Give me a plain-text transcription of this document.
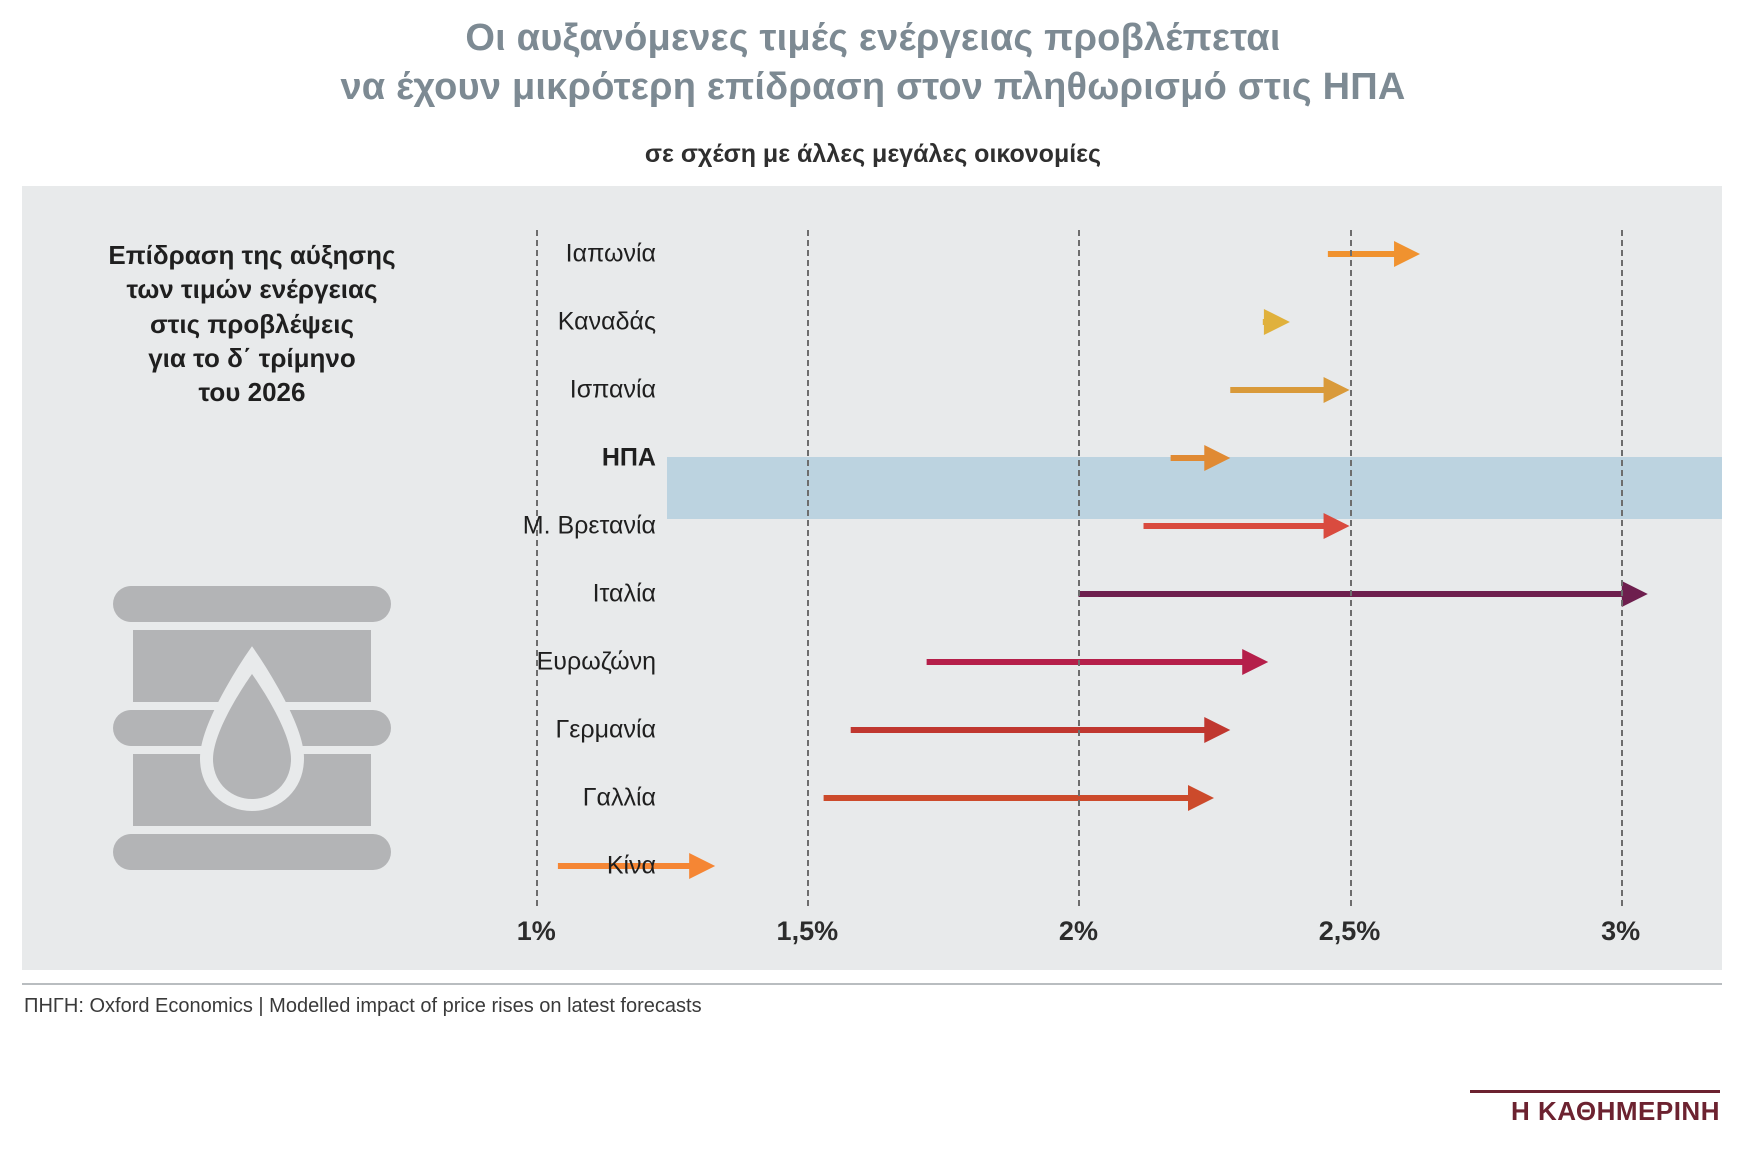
Οι αυξανόμενες τιμές ενέργειας προβλέπεται
να έχουν μικρότερη επίδραση στον πληθωρισμό στις ΗΠΑ
σε σχέση με άλλες μεγάλες οικονομίες
Επίδραση της αύξησης
των τιμών ενέργειας
στις προβλέψεις
για το δ΄ τρίμηνο
του 2026
1%	1,5%	2%	2,5%	3%
Ιαπωνία
Καναδάς
Ισπανία
ΗΠΑ
Μ. Βρετανία
Ιταλία
Ευρωζώνη
Γερμανία
Γαλλία
Κίνα
ΠΗΓΗ: Oxford Economics | Modelled impact of price rises on latest forecasts
Η ΚΑΘΗΜΕΡΙΝΗ
